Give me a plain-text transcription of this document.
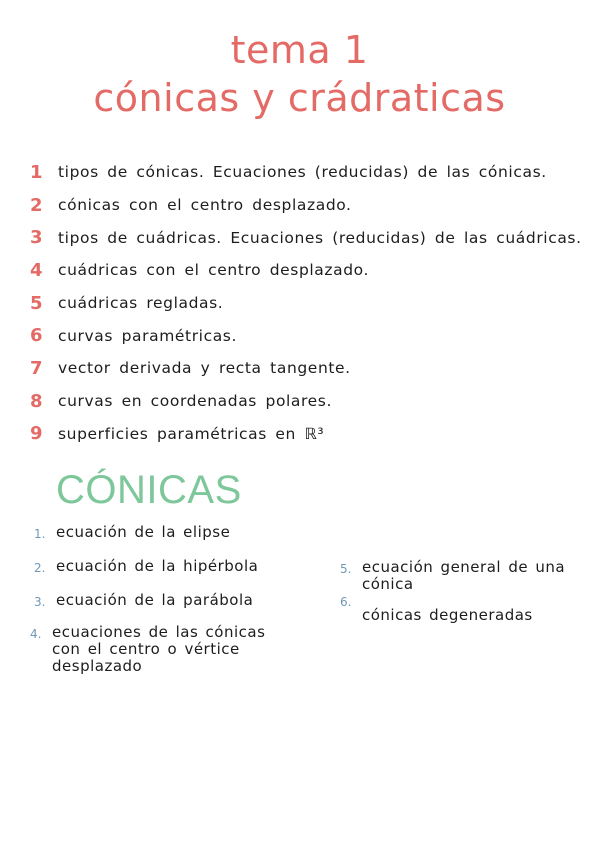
tema 1
cónicas y crádraticas
1 tipos de cónicas. Ecuaciones (reducidas) de las cónicas.
2 cónicas con el centro desplazado.
3 tipos de cuádricas. Ecuaciones (reducidas) de las cuádricas.
4 cuádricas con el centro desplazado.
5 cuádricas regladas.
6 curvas paramétricas.
7 vector derivada y recta tangente.
8 curvas en coordenadas polares.
9 superficies paramétricas en ℝ³
CÓNICAS
1. ecuación de la elipse
2. ecuación de la hipérbola
3. ecuación de la parábola
4. ecuaciones de las cónicas con el centro o vértice desplazado
5. ecuación general de una cónica
6.
cónicas degeneradas
